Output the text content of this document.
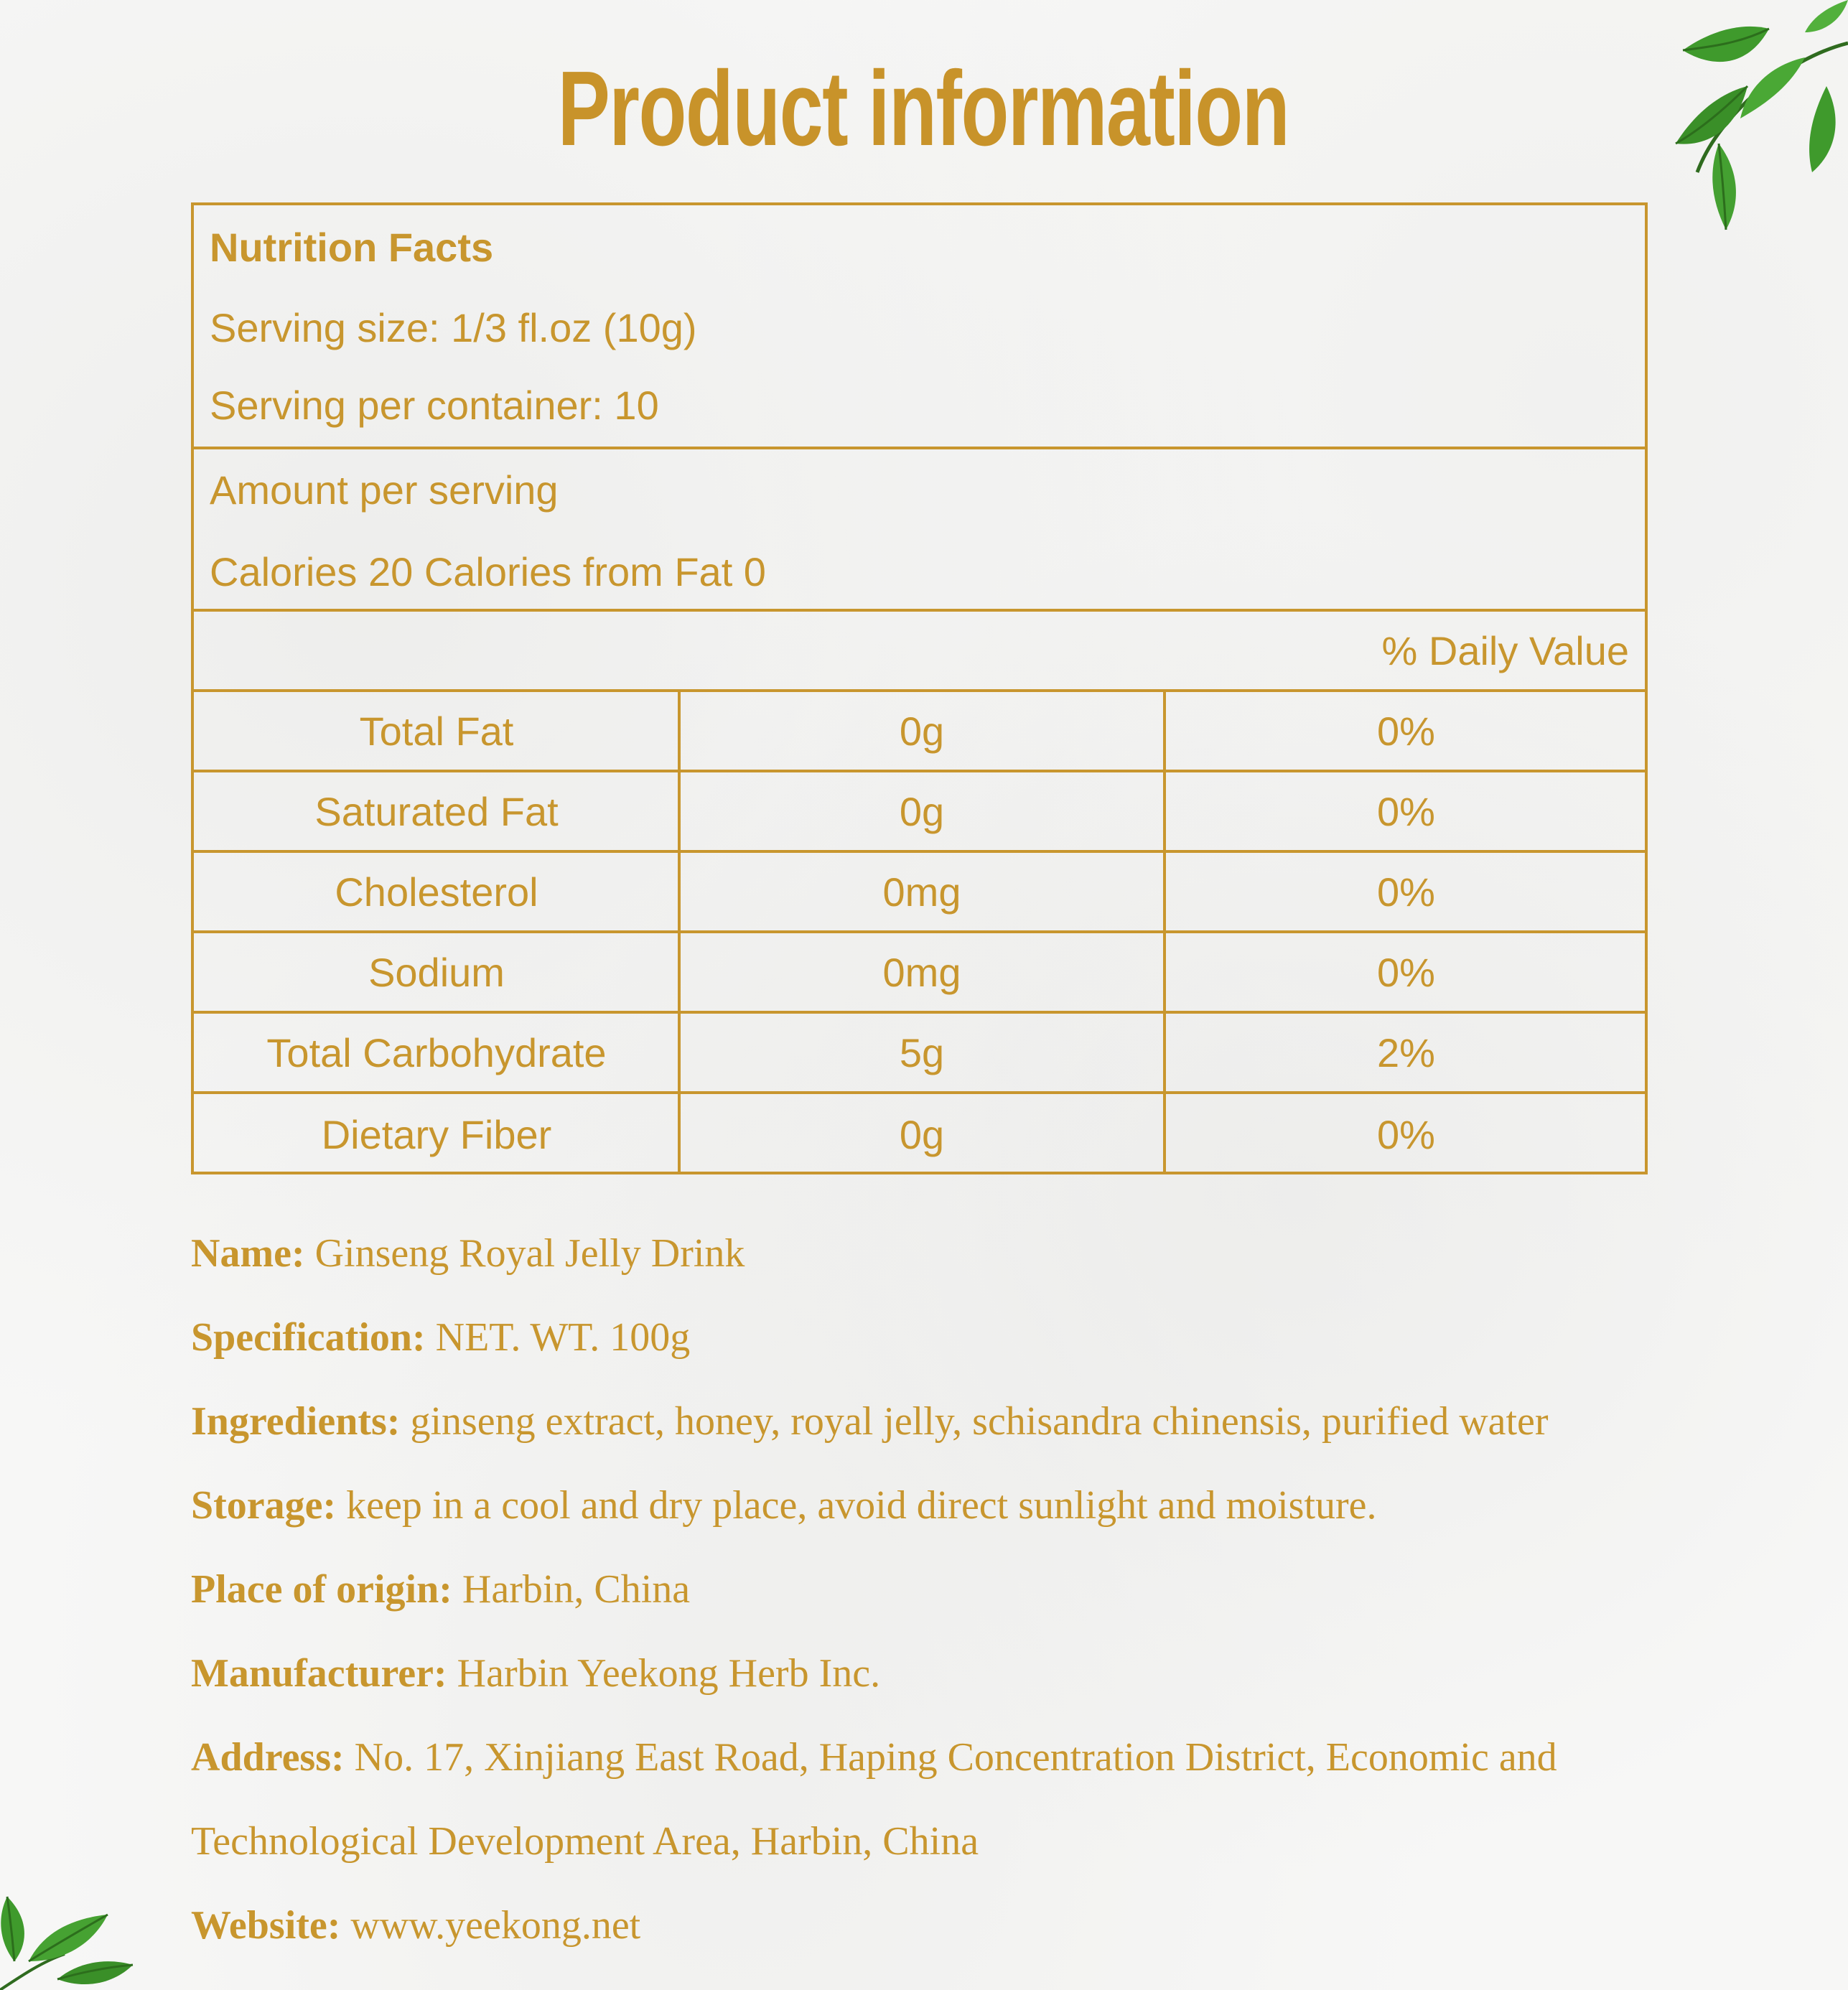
Product information
Nutrition Facts
Serving size: 1/3 fl.oz (10g)
Serving per container: 10
Amount per serving
Calories 20 Calories from Fat 0
% Daily Value
Total Fat	0g	0%
Saturated Fat	0g	0%
Cholesterol	0mg	0%
Sodium	0mg	0%
Total Carbohydrate	5g	2%
Dietary Fiber	0g	0%
Name: Ginseng Royal Jelly Drink
Specification: NET. WT. 100g
Ingredients: ginseng extract, honey, royal jelly, schisandra chinensis, purified water
Storage: keep in a cool and dry place, avoid direct sunlight and moisture.
Place of origin: Harbin, China
Manufacturer: Harbin Yeekong Herb Inc.
Address: No. 17, Xinjiang East Road, Haping Concentration District, Economic and
Technological Development Area, Harbin, China
Website: www.yeekong.net
